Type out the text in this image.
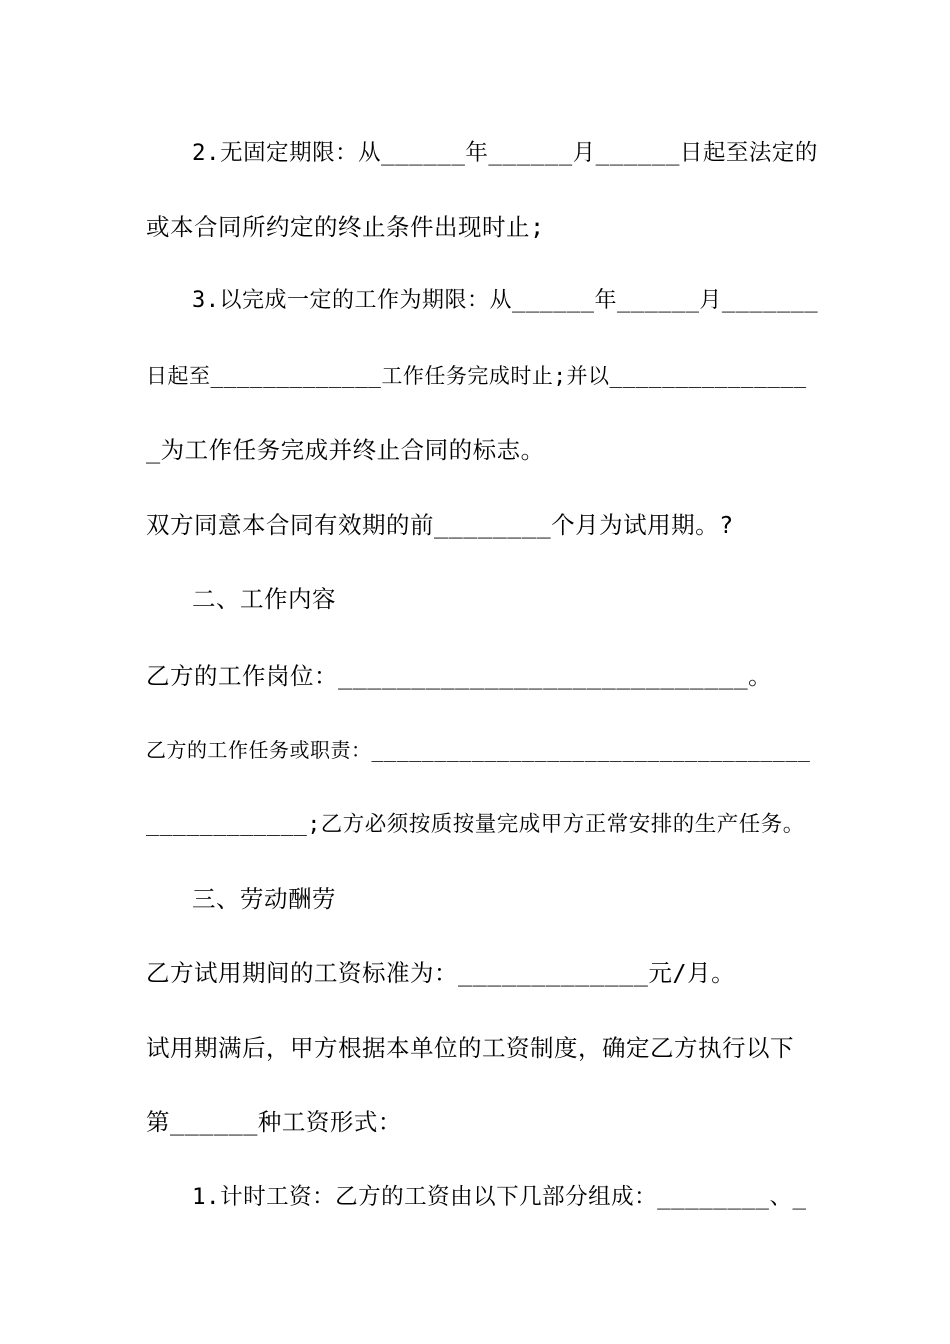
2.无固定期限：从______年______月______日起至法定的
或本合同所约定的终止条件出现时止;
3.以完成一定的工作为期限：从______年______月_______
日起至_____________工作任务完成时止;并以_______________
_为工作任务完成并终止合同的标志。
双方同意本合同有效期的前________个月为试用期。?
二、工作内容
乙方的工作岗位：____________________________。
乙方的工作任务或职责：___________________________________
____________;乙方必须按质按量完成甲方正常安排的生产任务。
三、劳动酬劳
乙方试用期间的工资标准为：_____________元/月。
试用期满后，甲方根据本单位的工资制度，确定乙方执行以下
第______种工资形式：
1.计时工资：乙方的工资由以下几部分组成：________、_
